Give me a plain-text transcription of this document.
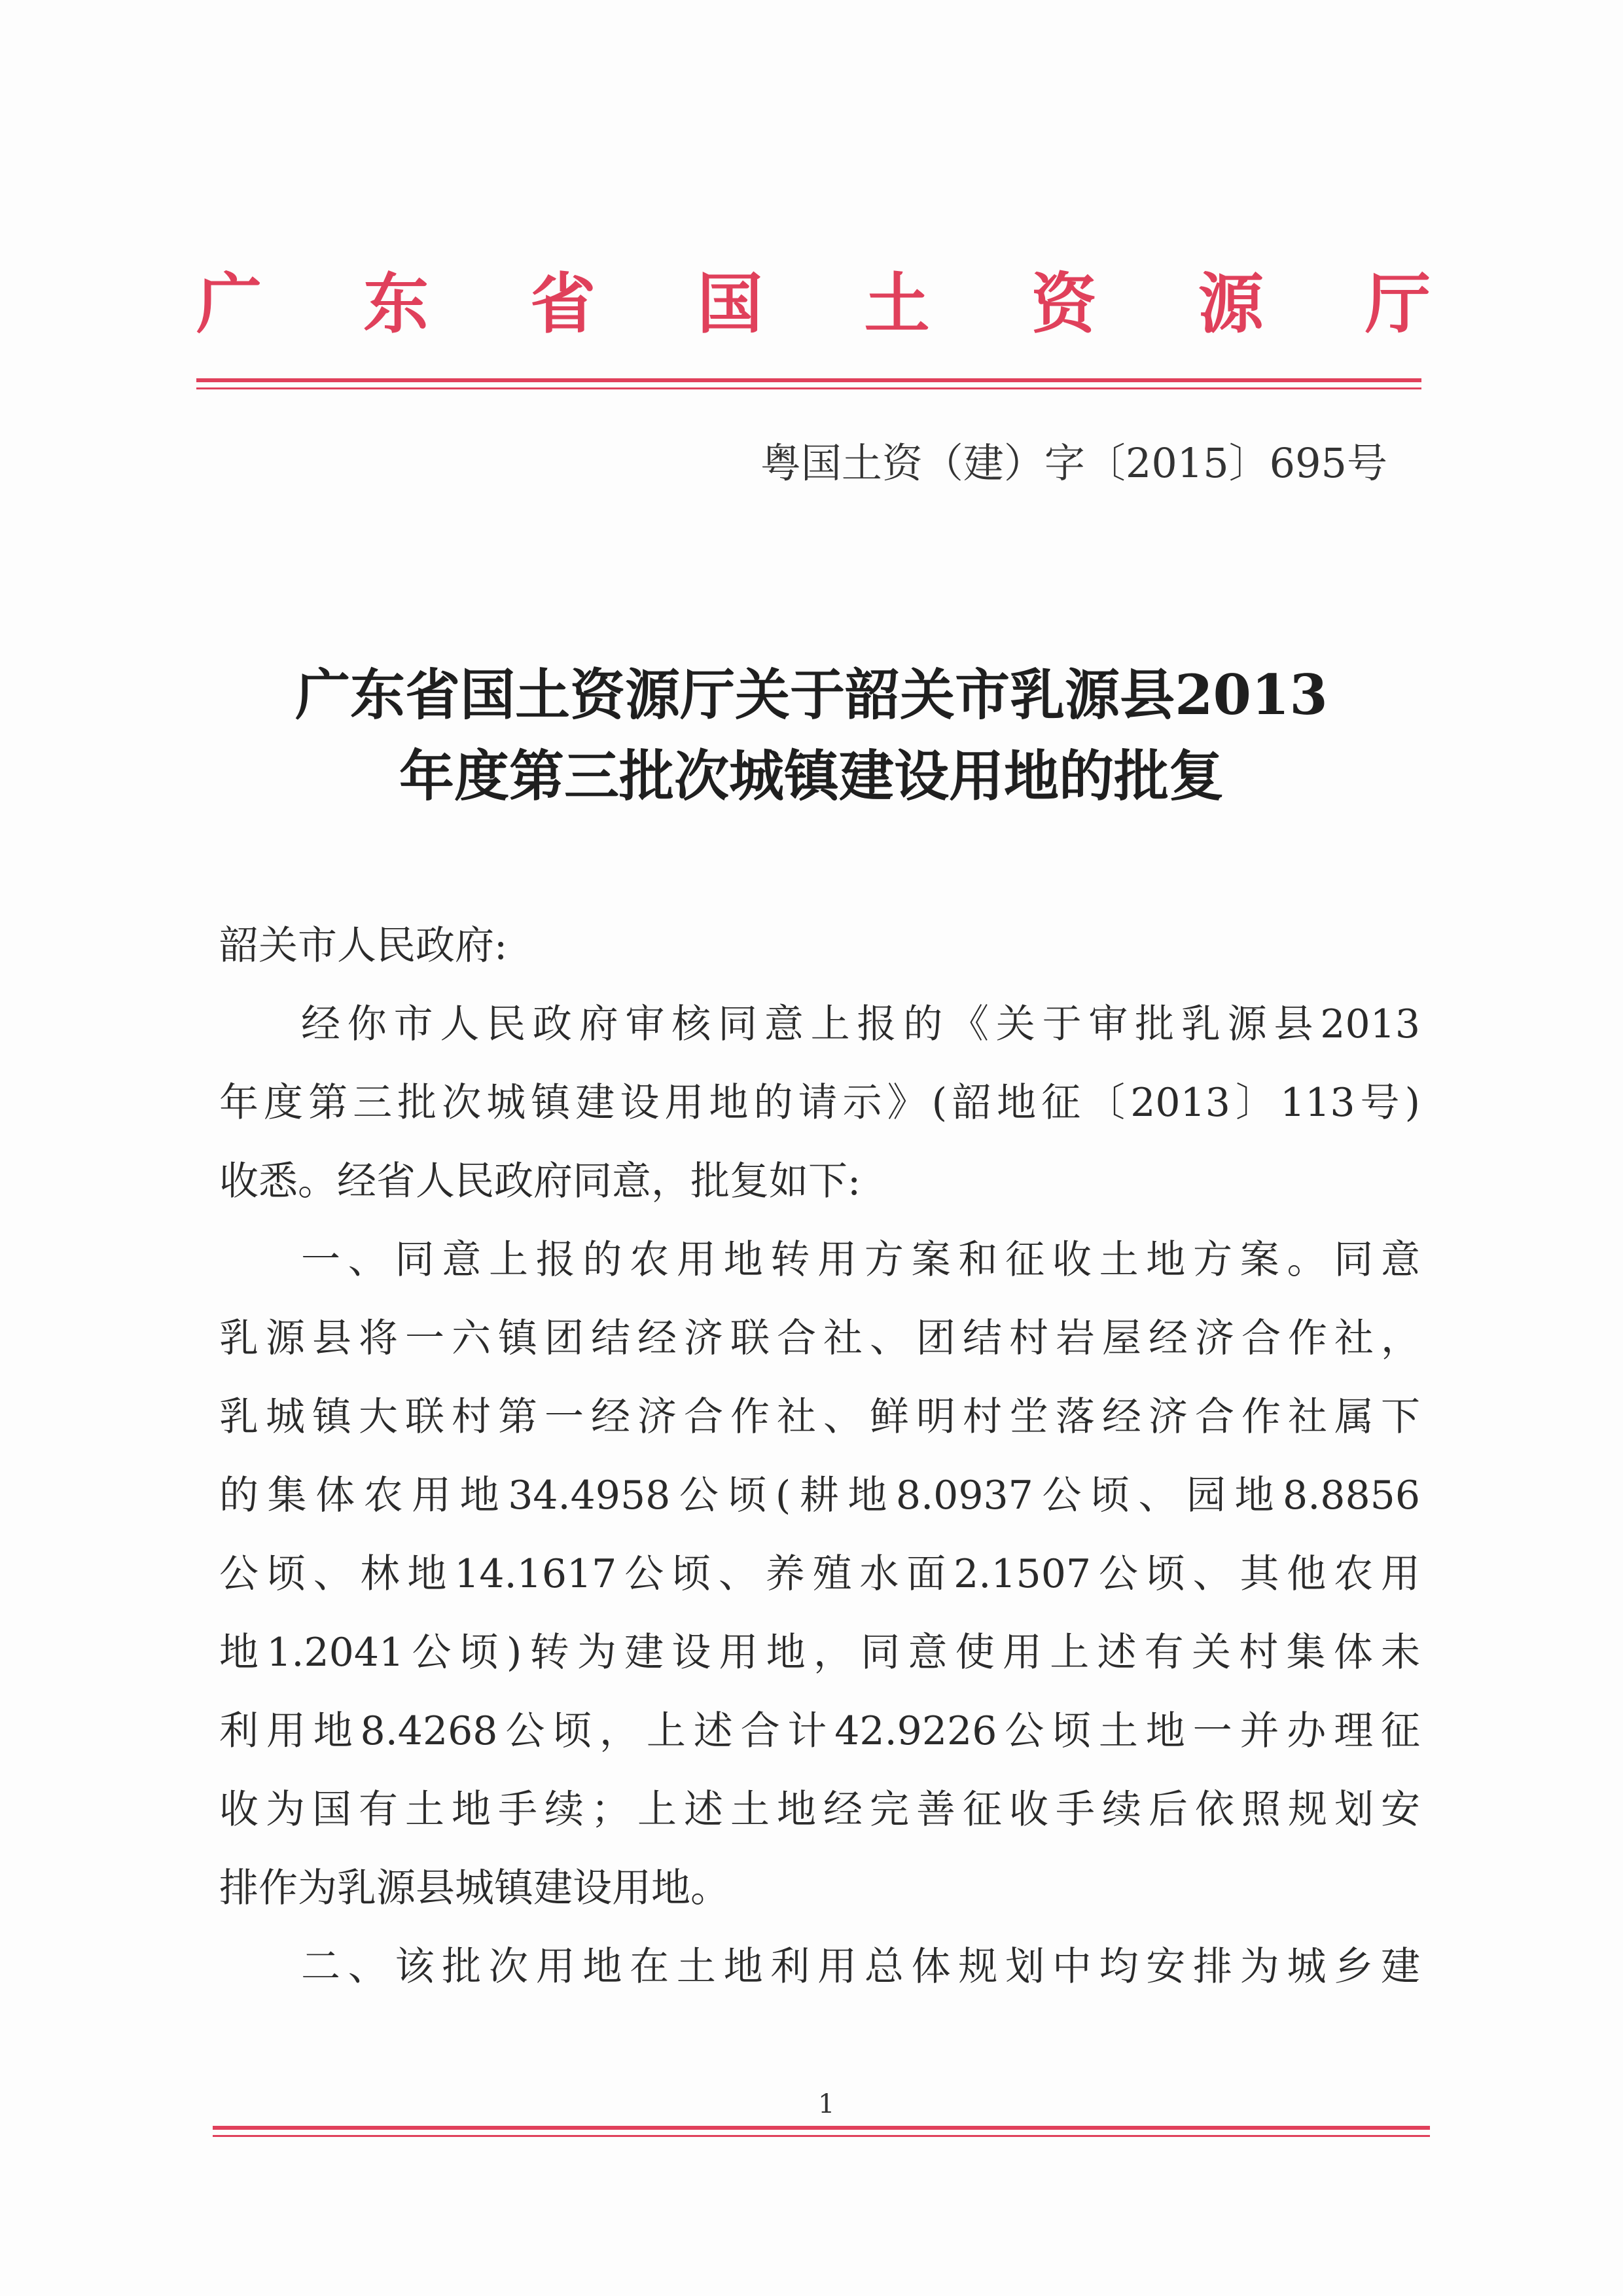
广东省国土资源厅
粤国土资（建）字〔2015〕695号
广东省国土资源厅关于韶关市乳源县2013
年度第三批次城镇建设用地的批复
韶关市人民政府:
经你市人民政府审核同意上报的《关于审批乳源县2013
年度第三批次城镇建设用地的请示》(韶地征〔2013〕113号)
收悉。经省人民政府同意，批复如下:
一、同意上报的农用地转用方案和征收土地方案。同意
乳源县将一六镇团结经济联合社、团结村岩屋经济合作社，
乳城镇大联村第一经济合作社、鲜明村坣落经济合作社属下
的集体农用地34.4958公顷(耕地8.0937公顷、园地8.8856
公顷、林地14.1617公顷、养殖水面2.1507公顷、其他农用
地1.2041公顷)转为建设用地，同意使用上述有关村集体未
利用地8.4268公顷，上述合计42.9226公顷土地一并办理征
收为国有土地手续；上述土地经完善征收手续后依照规划安
排作为乳源县城镇建设用地。
二、该批次用地在土地利用总体规划中均安排为城乡建
1
